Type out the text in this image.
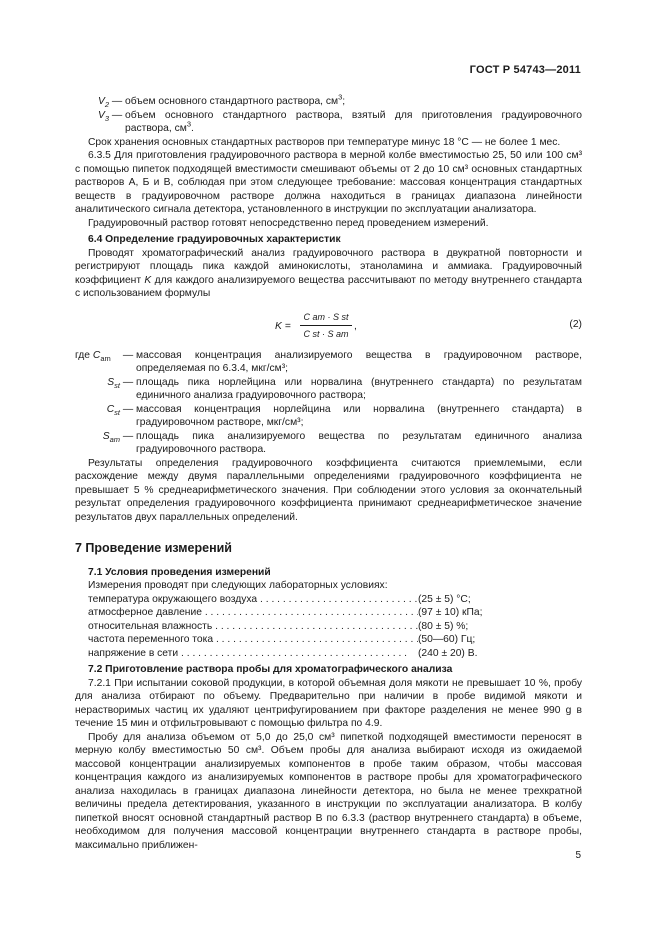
ГОСТ Р 54743—2011
$V_2$ — объем основного стандартного раствора, $см^3$;
$V_3$ — объем основного стандартного раствора, взятый для приготовления градуировочного раствора, $см^3$.

Срок хранения основных стандартных растворов при температуре минус 18 °С — не более 1 мес.

6.3.5 Для приготовления градуировочного раствора в мерной колбе вместимостью 25, 50 или 100 см³ с помощью пипеток подходящей вместимости смешивают объемы от 2 до 10 см³ основных стандартных растворов А, Б и В, соблюдая при этом следующее требование: массовая концентрация стандартных веществ в градуировочном растворе должна находиться в границах диапазона линейности аналитического сигнала детектора, установленного в инструкции по эксплуатации анализатора.

Градуировочный раствор готовят непосредственно перед проведением измерений.

6.4 Определение градуировочных характеристик

Проводят хроматографический анализ градуировочного раствора в двукратной повторности и регистрируют площадь пика каждой аминокислоты, этаноламина и аммиака. Градуировочный коэффициент K для каждого анализируемого вещества рассчитывают по методу внутреннего стандарта с использованием формулы

$K = \frac{\text{C am · S st}}{\text{C st · S am}}$ ,	(2)
где $C_{am}$	— массовая концентрация анализируемого вещества в градуировочном растворе, определяемая по 6.3.4, мкг/см³;
$S_{st}$ — площадь пика норлейцина или норвалина (внутреннего стандарта) по результатам единичного анализа градуировочного раствора;
$C_{st}$ — массовая концентрация норлейцина или норвалина (внутреннего стандарта) в градуировочном растворе, мкг/см³;
$S_{am}$ — площадь пика анализируемого вещества по результатам единичного анализа градуировочного раствора.

Результаты определения градуировочного коэффициента считаются приемлемыми, если расхождение между двумя параллельными определениями градуировочного коэффициента не превышает 5 % среднеарифметического значения. При соблюдении этого условия за окончательный результат определения градуировочного коэффициента принимают среднеарифметическое значение результатов двух параллельных определений.

7 Проведение измерений

7.1 Условия проведения измерений

Измерения проводят при следующих лабораторных условиях:

температура окружающего воздуха . . .	(25 ± 5) °С;
атмосферное давление . . .	(97 ± 10) кПа;
относительная влажность . . .	(80 ± 5) %;
частота переменного тока . . .	(50—60) Гц;
напряжение в сети . . .	(240 ± 20) В.

7.2 Приготовление раствора пробы для хроматографического анализа

7.2.1 При испытании соковой продукции, в которой объемная доля мякоти не превышает 10 %, пробу для анализа отбирают по объему. Предварительно при наличии в пробе видимой мякоти и нерастворимых частиц их удаляют центрифугированием при факторе разделения не менее 990 g в течение 15 мин и отфильтровывают с помощью фильтра по 4.9.

Пробу для анализа объемом от 5,0 до 25,0 см³ пипеткой подходящей вместимости переносят в мерную колбу вместимостью 50 см³. Объем пробы для анализа выбирают исходя из ожидаемой массовой концентрации анализируемых компонентов в пробе таким образом, чтобы массовая концентрация каждого из анализируемых компонентов в растворе пробы для хроматографического анализа находилась в границах диапазона линейности детектора, но была не менее трехкратной величины предела детектирования, указанного в инструкции по эксплуатации анализатора. В колбу пипеткой вносят основной стандартный раствор В по 6.3.3 (раствор внутреннего стандарта) в объеме, необходимом для получения массовой концентрации внутреннего стандарта в растворе пробы, максимально приближен-

5
